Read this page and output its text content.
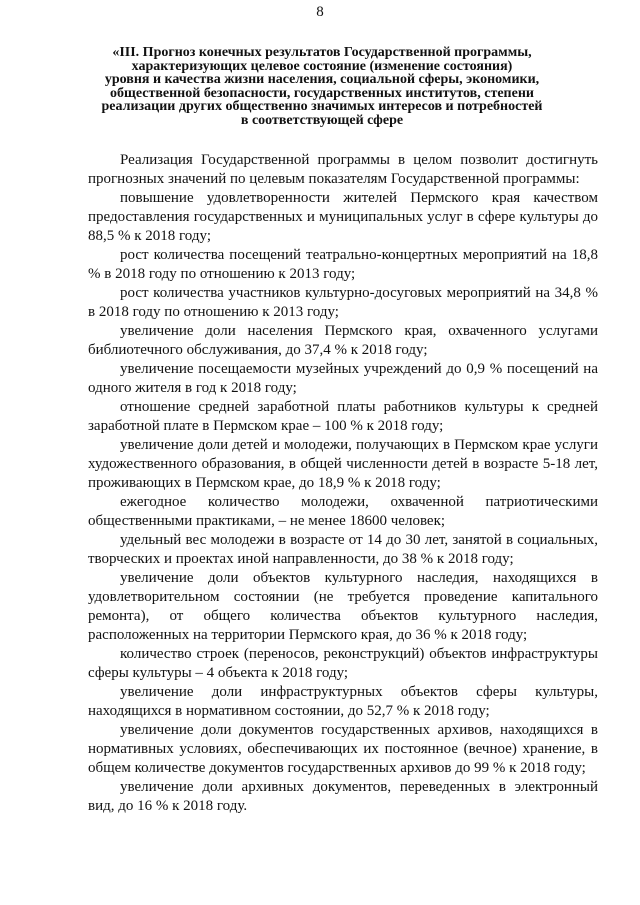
8
«III. Прогноз конечных результатов Государственной программы,
характеризующих целевое состояние (изменение состояния)
уровня и качества жизни населения, социальной сферы, экономики,
общественной безопасности, государственных институтов, степени
реализации других общественно значимых интересов и потребностей
в соответствующей сфере

Реализация Государственной программы в целом позволит достигнуть прогнозных значений по целевым показателям Государственной программы:

повышение удовлетворенности жителей Пермского края качеством предоставления государственных и муниципальных услуг в сфере культуры до 88,5 % к 2018 году;

рост количества посещений театрально-концертных мероприятий на 18,8 % в 2018 году по отношению к 2013 году;

рост количества участников культурно-досуговых мероприятий на 34,8 % в 2018 году по отношению к 2013 году;

увеличение доли населения Пермского края, охваченного услугами библиотечного обслуживания, до 37,4 % к 2018 году;

увеличение посещаемости музейных учреждений до 0,9 % посещений на одного жителя в год к 2018 году;

отношение средней заработной платы работников культуры к средней заработной плате в Пермском крае – 100 % к 2018 году;

увеличение доли детей и молодежи, получающих в Пермском крае услуги художественного образования, в общей численности детей в возрасте 5-18 лет, проживающих в Пермском крае, до 18,9 % к 2018 году;

ежегодное количество молодежи, охваченной патриотическими общественными практиками, – не менее 18600 человек;

удельный вес молодежи в возрасте от 14 до 30 лет, занятой в социальных, творческих и проектах иной направленности, до 38 % к 2018 году;

увеличение доли объектов культурного наследия, находящихся в удовлетворительном состоянии (не требуется проведение капитального ремонта), от общего количества объектов культурного наследия, расположенных на территории Пермского края, до 36 % к 2018 году;

количество строек (переносов, реконструкций) объектов инфраструктуры сферы культуры – 4 объекта к 2018 году;

увеличение доли инфраструктурных объектов сферы культуры, находящихся в нормативном состоянии, до 52,7 % к 2018 году;

увеличение доли документов государственных архивов, находящихся в нормативных условиях, обеспечивающих их постоянное (вечное) хранение, в общем количестве документов государственных архивов до 99 % к 2018 году;

увеличение доли архивных документов, переведенных в электронный вид, до 16 % к 2018 году.
